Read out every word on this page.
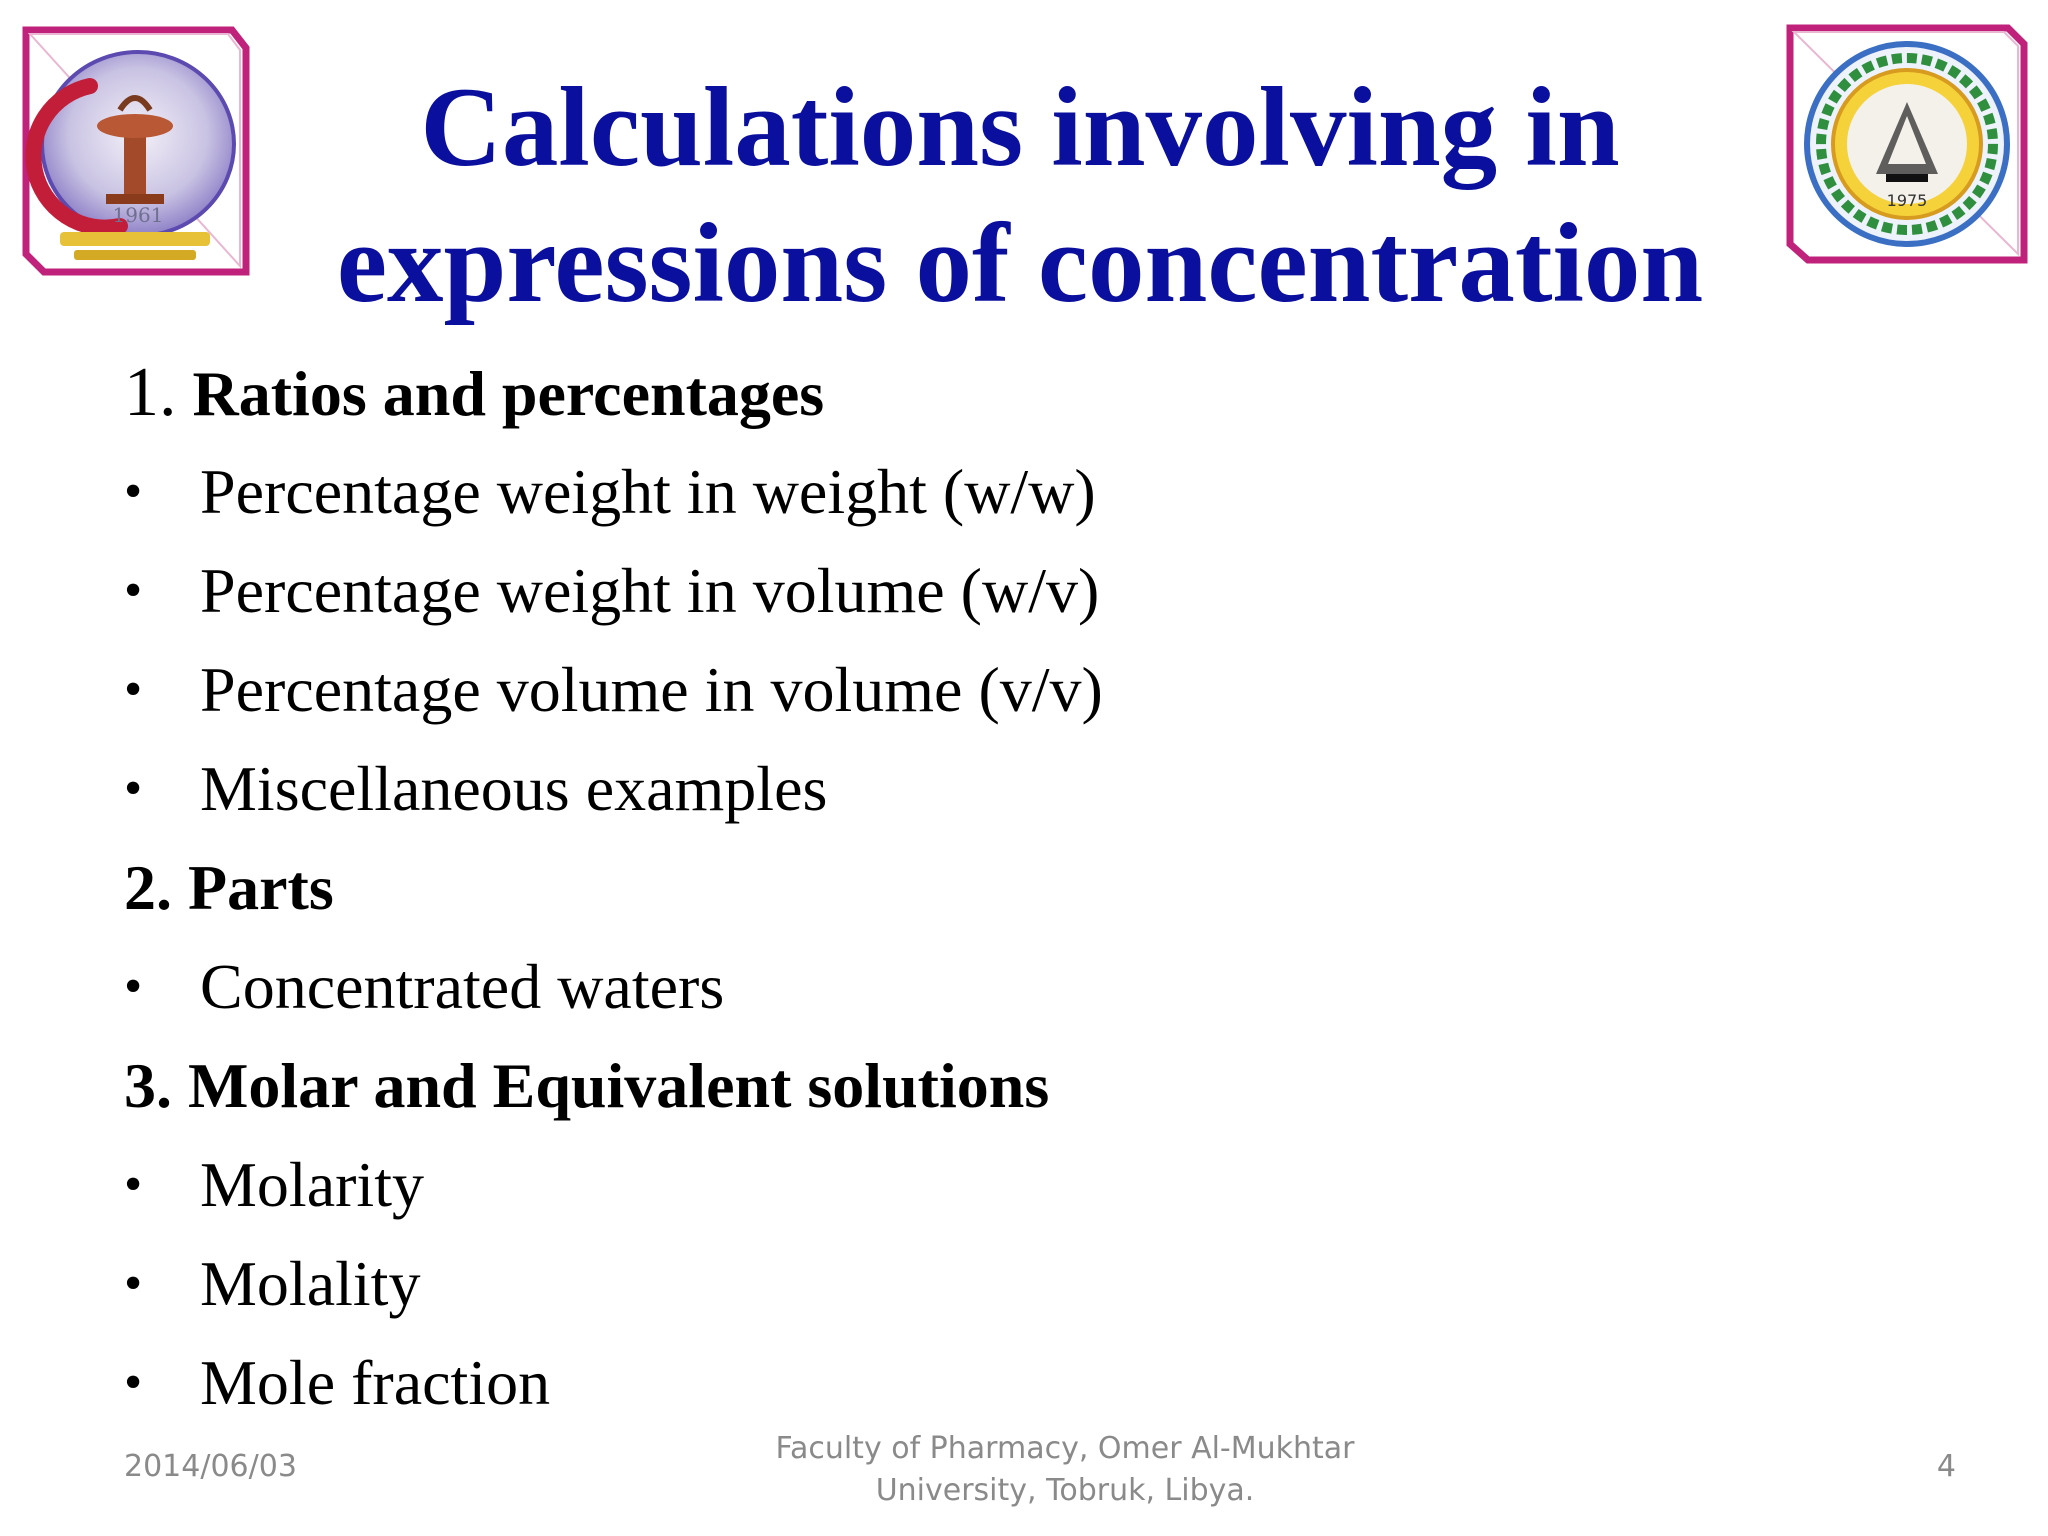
1961
1975
Calculations involving in
expressions of concentration
1. Ratios and percentages
• Percentage weight in weight (w/w)
• Percentage weight in volume (w/v)
• Percentage volume in volume (v/v)
• Miscellaneous examples
2. Parts
• Concentrated waters
3. Molar and Equivalent solutions
• Molarity
• Molality
• Mole fraction
2014/06/03
Faculty of Pharmacy, Omer Al-Mukhtar
University, Tobruk, Libya.
4
